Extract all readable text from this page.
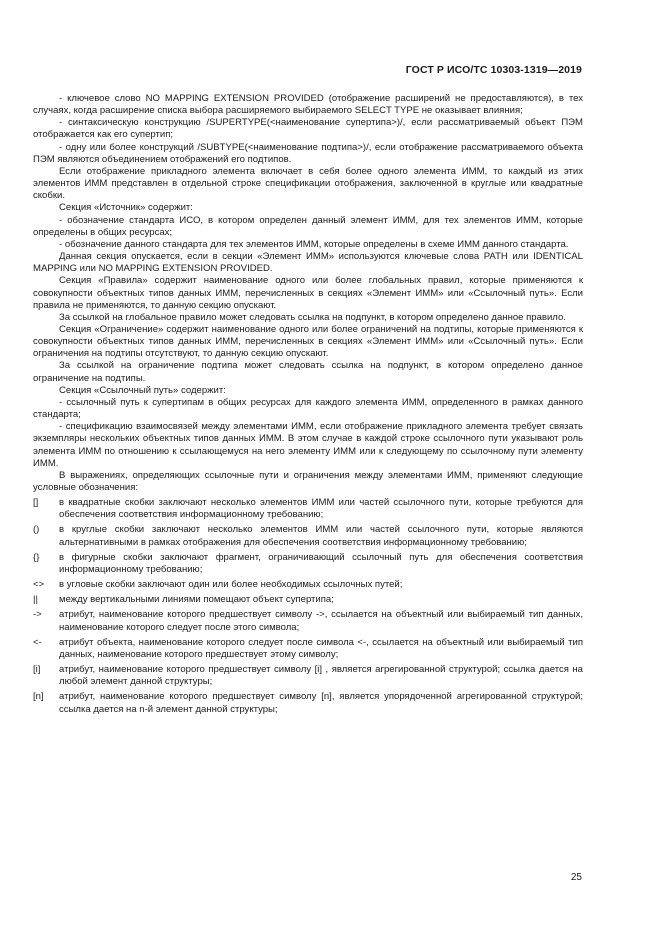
ГОСТ Р ИСО/ТС 10303-1319—2019

- ключевое слово NO MAPPING EXTENSION PROVIDED (отображение расширений не предоставляются), в тех случаях, когда расширение списка выбора расширяемого выбираемого SELECT TYPE не оказывает влияния;

- синтаксическую конструкцию /SUPERTYPE(<наименование супертипа>)/, если рассматриваемый объект ПЭМ отображается как его супертип;

- одну или более конструкций /SUBTYPE(<наименование подтипа>)/, если отображение рассматриваемого объекта ПЭМ являются объединением отображений его подтипов.

Если отображение прикладного элемента включает в себя более одного элемента ИММ, то каждый из этих элементов ИММ представлен в отдельной строке спецификации отображения, заключенной в круглые или квадратные скобки.

Секция «Источник» содержит:

- обозначение стандарта ИСО, в котором определен данный элемент ИММ, для тех элементов ИММ, которые определены в общих ресурсах;

- обозначение данного стандарта для тех элементов ИММ, которые определены в схеме ИММ данного стандарта.

Данная секция опускается, если в секции «Элемент ИММ» используются ключевые слова PATH или IDENTICAL MAPPING или NO MAPPING EXTENSION PROVIDED.

Секция «Правила» содержит наименование одного или более глобальных правил, которые применяются к совокупности объектных типов данных ИММ, перечисленных в секциях «Элемент ИММ» или «Ссылочный путь». Если правила не применяются, то данную секцию опускают.

За ссылкой на глобальное правило может следовать ссылка на подпункт, в котором определено данное правило.

Секция «Ограничение» содержит наименование одного или более ограничений на подтипы, которые применяются к совокупности объектных типов данных ИММ, перечисленных в секциях «Элемент ИММ» или «Ссылочный путь». Если ограничения на подтипы отсутствуют, то данную секцию опускают.

За ссылкой на ограничение подтипа может следовать ссылка на подпункт, в котором определено данное ограничение на подтипы.

Секция «Ссылочный путь» содержит:

- ссылочный путь к супертипам в общих ресурсах для каждого элемента ИММ, определенного в рамках данного стандарта;

- спецификацию взаимосвязей между элементами ИММ, если отображение прикладного элемента требует связать экземпляры нескольких объектных типов данных ИММ. В этом случае в каждой строке ссылочного пути указывают роль элемента ИММ по отношению к ссылающемуся на него элементу ИММ или к следующему по ссылочному пути элементу ИММ.

В выражениях, определяющих ссылочные пути и ограничения между элементами ИММ, применяют следующие условные обозначения:

[]	в квадратные скобки заключают несколько элементов ИММ или частей ссылочного пути, которые требуются для обеспечения соответствия информационному требованию;
()	в круглые скобки заключают несколько элементов ИММ или частей ссылочного пути, которые являются альтернативными в рамках отображения для обеспечения соответствия информационному требованию;
{}	в фигурные скобки заключают фрагмент, ограничивающий ссылочный путь для обеспечения соответствия информационному требованию;
<>	в угловые скобки заключают один или более необходимых ссылочных путей;
||	между вертикальными линиями помещают объект супертипа;
->	атрибут, наименование которого предшествует символу ->, ссылается на объектный или выбираемый тип данных, наименование которого следует после этого символа;
<-	атрибут объекта, наименование которого следует после символа <-, ссылается на объектный или выбираемый тип данных, наименование которого предшествует этому символу;
[i]	атрибут, наименование которого предшествует символу [i] , является агрегированной структурой; ссылка дается на любой элемент данной структуры;
[n]	атрибут, наименование которого предшествует символу [n], является упорядоченной агрегированной структурой; ссылка дается на n-й элемент данной структуры;
25
